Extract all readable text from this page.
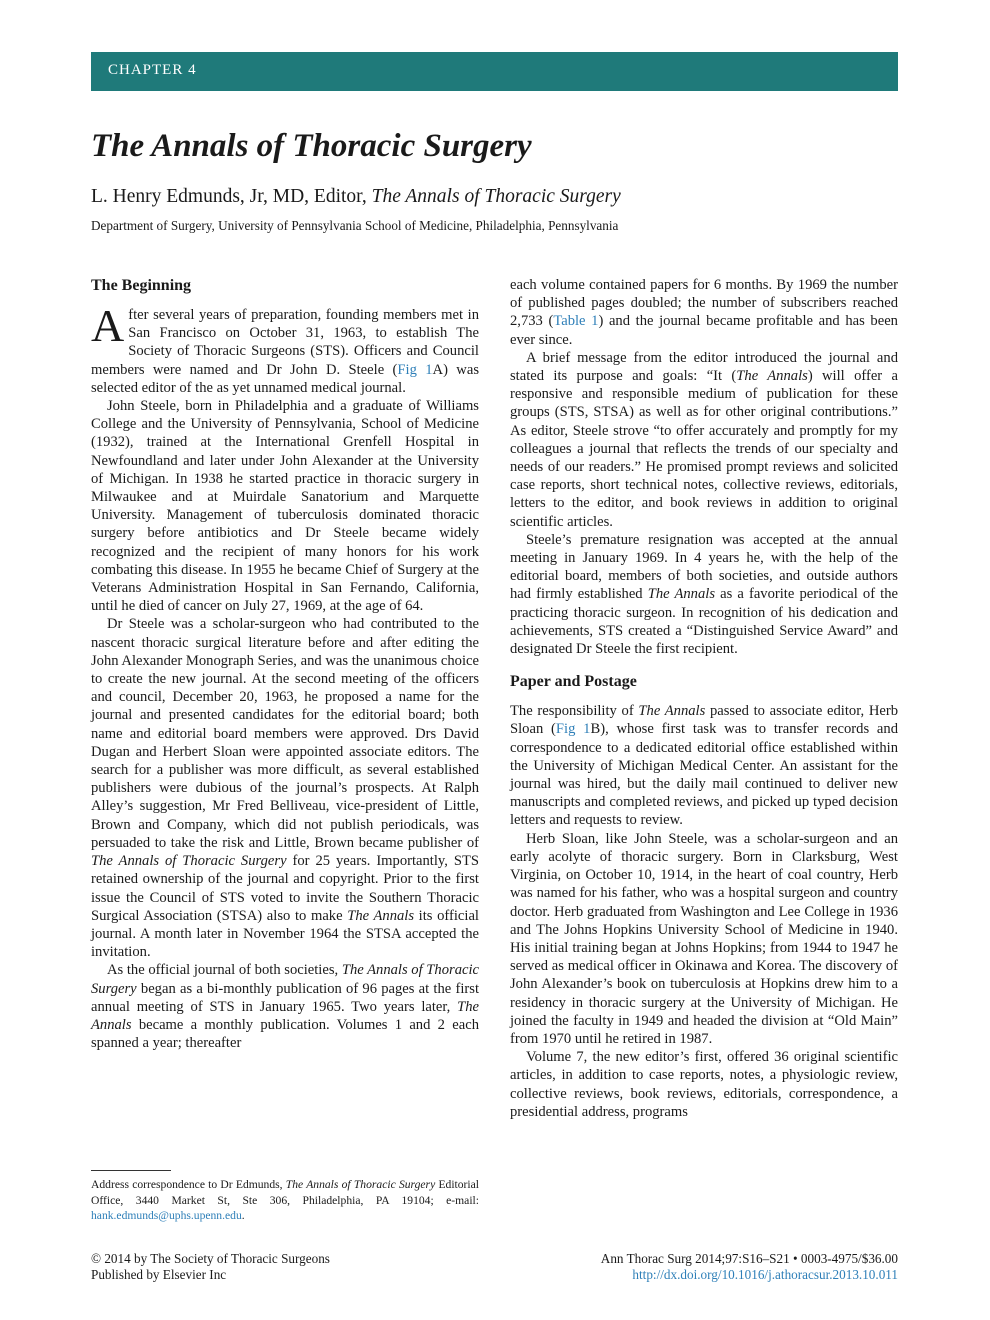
CHAPTER 4
The Annals of Thoracic Surgery
L. Henry Edmunds, Jr, MD, Editor, The Annals of Thoracic Surgery
Department of Surgery, University of Pennsylvania School of Medicine, Philadelphia, Pennsylvania
The Beginning

After several years of preparation, founding members met in San Francisco on October 31, 1963, to establish The Society of Thoracic Surgeons (STS). Officers and Council members were named and Dr John D. Steele (Fig 1A) was selected editor of the as yet unnamed medical journal.

John Steele, born in Philadelphia and a graduate of Williams College and the University of Pennsylvania, School of Medicine (1932), trained at the International Grenfell Hospital in Newfoundland and later under John Alexander at the University of Michigan. In 1938 he started practice in thoracic surgery in Milwaukee and at Muirdale Sanatorium and Marquette University. Management of tuberculosis dominated thoracic surgery before antibiotics and Dr Steele became widely recognized and the recipient of many honors for his work combating this disease. In 1955 he became Chief of Surgery at the Veterans Administration Hospital in San Fernando, California, until he died of cancer on July 27, 1969, at the age of 64.

Dr Steele was a scholar-surgeon who had contributed to the nascent thoracic surgical literature before and after editing the John Alexander Monograph Series, and was the unanimous choice to create the new journal. At the second meeting of the officers and council, December 20, 1963, he proposed a name for the journal and presented candidates for the editorial board; both name and editorial board members were approved. Drs David Dugan and Herbert Sloan were appointed associate editors. The search for a publisher was more difficult, as several established publishers were dubious of the journal’s prospects. At Ralph Alley’s suggestion, Mr Fred Belliveau, vice-president of Little, Brown and Company, which did not publish periodicals, was persuaded to take the risk and Little, Brown became publisher of The Annals of Thoracic Surgery for 25 years. Importantly, STS retained ownership of the journal and copyright. Prior to the first issue the Council of STS voted to invite the Southern Thoracic Surgical Association (STSA) also to make The Annals its official journal. A month later in November 1964 the STSA accepted the invitation.

As the official journal of both societies, The Annals of Thoracic Surgery began as a bi-monthly publication of 96 pages at the first annual meeting of STS in January 1965. Two years later, The Annals became a monthly publication. Volumes 1 and 2 each spanned a year; thereafter

each volume contained papers for 6 months. By 1969 the number of published pages doubled; the number of subscribers reached 2,733 (Table 1) and the journal became profitable and has been ever since.

A brief message from the editor introduced the journal and stated its purpose and goals: “It (The Annals) will offer a responsive and responsible medium of publication for these groups (STS, STSA) as well as for other original contributions.” As editor, Steele strove “to offer accurately and promptly for my colleagues a journal that reflects the trends of our specialty and needs of our readers.” He promised prompt reviews and solicited case reports, short technical notes, collective reviews, editorials, letters to the editor, and book reviews in addition to original scientific articles.

Steele’s premature resignation was accepted at the annual meeting in January 1969. In 4 years he, with the help of the editorial board, members of both societies, and outside authors had firmly established The Annals as a favorite periodical of the practicing thoracic surgeon. In recognition of his dedication and achievements, STS created a “Distinguished Service Award” and designated Dr Steele the first recipient.

Paper and Postage

The responsibility of The Annals passed to associate editor, Herb Sloan (Fig 1B), whose first task was to transfer records and correspondence to a dedicated editorial office established within the University of Michigan Medical Center. An assistant for the journal was hired, but the daily mail continued to deliver new manuscripts and completed reviews, and picked up typed decision letters and requests to review.

Herb Sloan, like John Steele, was a scholar-surgeon and an early acolyte of thoracic surgery. Born in Clarksburg, West Virginia, on October 10, 1914, in the heart of coal country, Herb was named for his father, who was a hospital surgeon and country doctor. Herb graduated from Washington and Lee College in 1936 and The Johns Hopkins University School of Medicine in 1940. His initial training began at Johns Hopkins; from 1944 to 1947 he served as medical officer in Okinawa and Korea. The discovery of John Alexander’s book on tuberculosis at Hopkins drew him to a residency in thoracic surgery at the University of Michigan. He joined the faculty in 1949 and headed the division at “Old Main” from 1970 until he retired in 1987.

Volume 7, the new editor’s first, offered 36 original scientific articles, in addition to case reports, notes, a physiologic review, collective reviews, book reviews, editorials, correspondence, a presidential address, programs

Address correspondence to Dr Edmunds, The Annals of Thoracic Surgery Editorial Office, 3440 Market St, Ste 306, Philadelphia, PA 19104; e-mail: hank.edmunds@uphs.upenn.edu.
© 2014 by The Society of Thoracic Surgeons
Published by Elsevier Inc
Ann Thorac Surg 2014;97:S16–S21 • 0003-4975/$36.00
http://dx.doi.org/10.1016/j.athoracsur.2013.10.011
